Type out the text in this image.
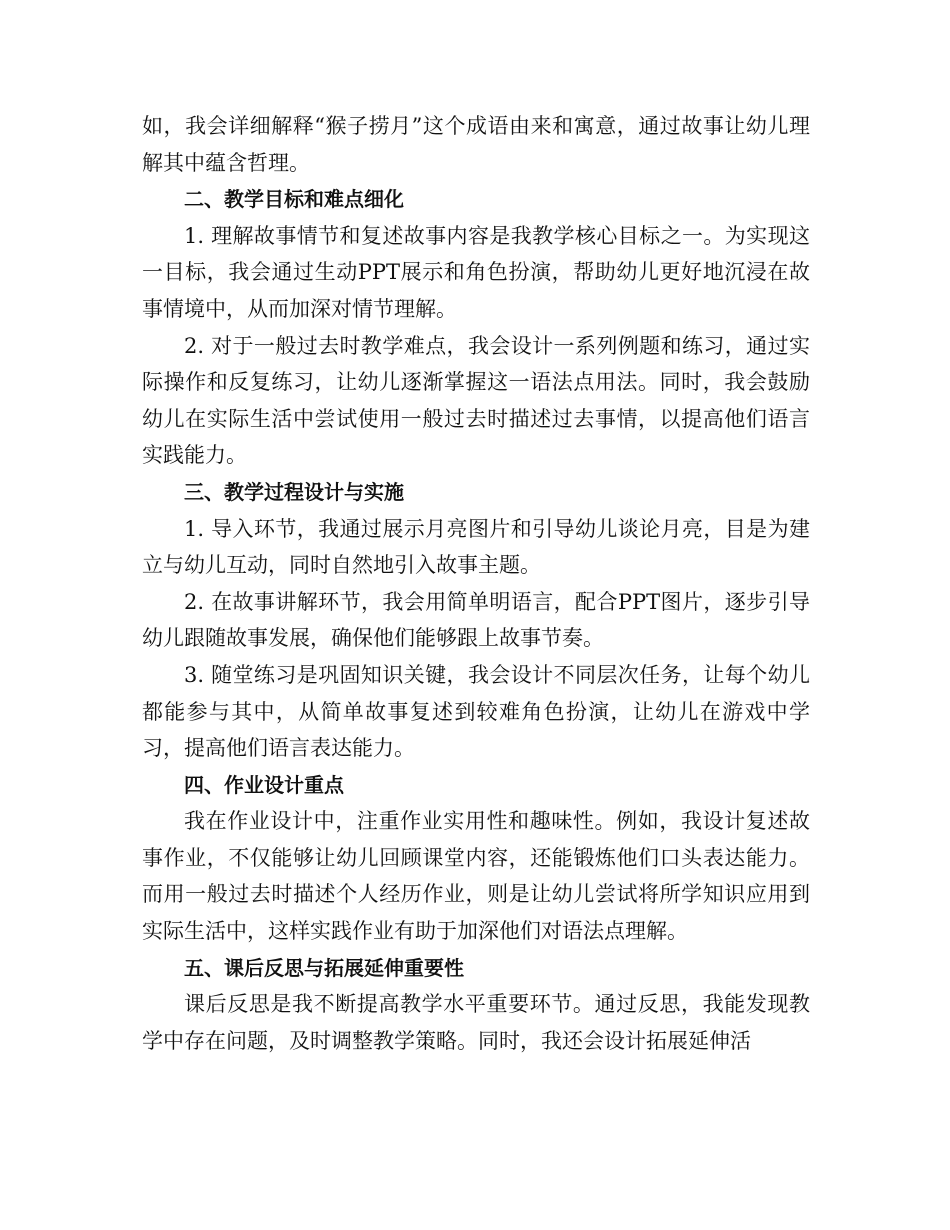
如，我会详细解释“猴子捞月”这个成语由来和寓意，通过故事让幼儿理解其中蕴含哲理。

二、教学目标和难点细化

1. 理解故事情节和复述故事内容是我教学核心目标之一。为实现这一目标，我会通过生动PPT展示和角色扮演，帮助幼儿更好地沉浸在故事情境中，从而加深对情节理解。

2. 对于一般过去时教学难点，我会设计一系列例题和练习，通过实际操作和反复练习，让幼儿逐渐掌握这一语法点用法。同时，我会鼓励幼儿在实际生活中尝试使用一般过去时描述过去事情，以提高他们语言实践能力。

三、教学过程设计与实施

1. 导入环节，我通过展示月亮图片和引导幼儿谈论月亮，目是为建立与幼儿互动，同时自然地引入故事主题。

2. 在故事讲解环节，我会用简单明语言，配合PPT图片，逐步引导幼儿跟随故事发展，确保他们能够跟上故事节奏。

3. 随堂练习是巩固知识关键，我会设计不同层次任务，让每个幼儿都能参与其中，从简单故事复述到较难角色扮演，让幼儿在游戏中学习，提高他们语言表达能力。

四、作业设计重点

我在作业设计中，注重作业实用性和趣味性。例如，我设计复述故事作业，不仅能够让幼儿回顾课堂内容，还能锻炼他们口头表达能力。而用一般过去时描述个人经历作业，则是让幼儿尝试将所学知识应用到实际生活中，这样实践作业有助于加深他们对语法点理解。

五、课后反思与拓展延伸重要性

课后反思是我不断提高教学水平重要环节。通过反思，我能发现教学中存在问题，及时调整教学策略。同时，我还会设计拓展延伸活
